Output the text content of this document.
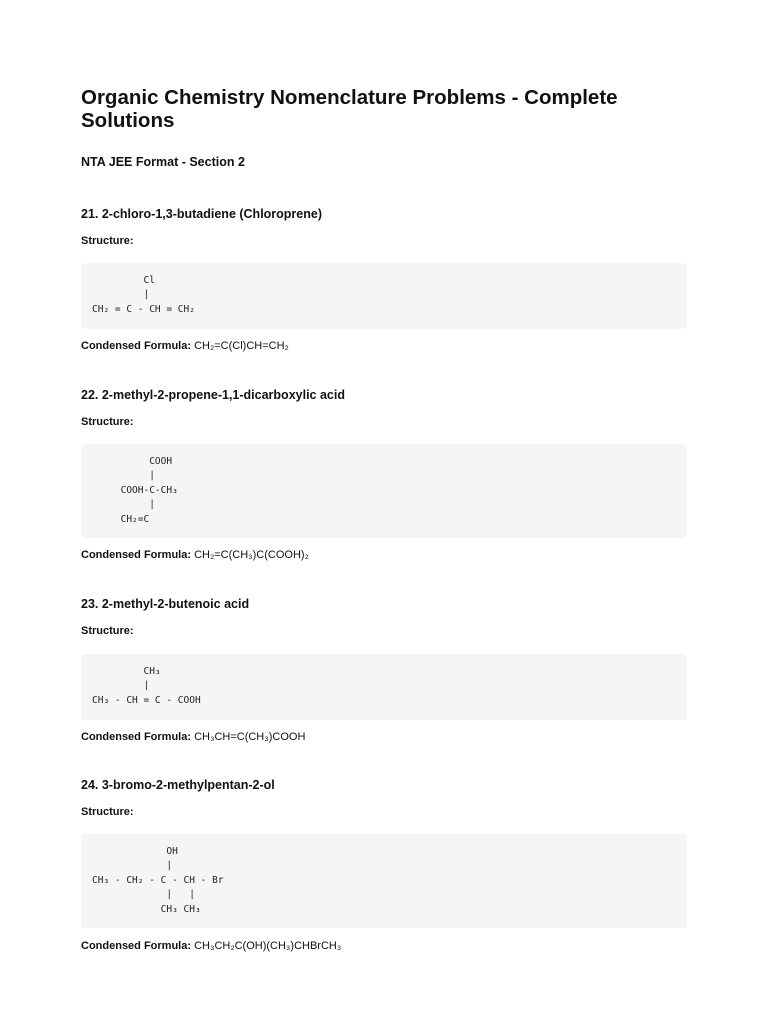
Organic Chemistry Nomenclature Problems - Complete Solutions
NTA JEE Format - Section 2
21. 2-chloro-1,3-butadiene (Chloroprene)

Structure:

Cl
|
CH₂ = C - CH = CH₂

Condensed Formula: CH₂=C(Cl)CH=CH₂

22. 2-methyl-2-propene-1,1-dicarboxylic acid

Structure:

COOH
|
COOH-C-CH₃
|
CH₂=C

Condensed Formula: CH₂=C(CH₃)C(COOH)₂

23. 2-methyl-2-butenoic acid

Structure:

CH₃
|
CH₃ - CH = C - COOH

Condensed Formula: CH₃CH=C(CH₃)COOH

24. 3-bromo-2-methylpentan-2-ol

Structure:

OH
|
CH₃ - CH₂ - C - CH - Br
|   |
CH₃ CH₃

Condensed Formula: CH₃CH₂C(OH)(CH₃)CHBrCH₃
